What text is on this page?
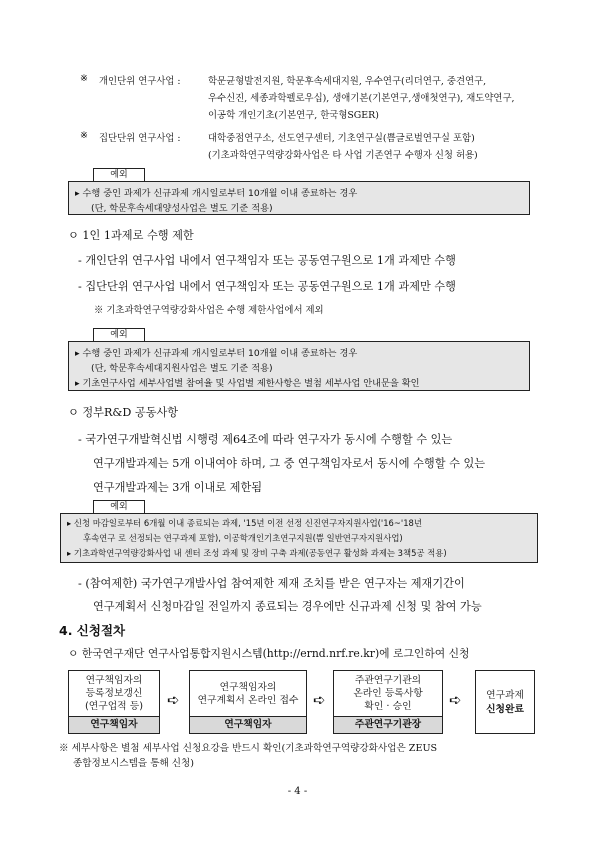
※ 개인단위 연구사업 :	학문균형발전지원, 학문후속세대지원, 우수연구(리더연구, 중견연구,
우수신진, 세종과학펠로우십), 생애기본(기본연구,생애첫연구), 재도약연구,
이공학 개인기초(기본연구, 한국형SGER)
※ 집단단위 연구사업 :	대학중점연구소, 선도연구센터, 기초연구실(쁨글로벌연구실 포함)
(기초과학연구역량강화사업은 타 사업 기존연구 수행자 신청 허용)
예외
▸ 수행 중인 과제가 신규과제 개시일로부터 10개월 이내 종료하는 경우
(단, 학문후속세대양성사업은 별도 기준 적용)
ㅇ 1인 1과제로 수행 제한
- 개인단위 연구사업 내에서 연구책임자 또는 공동연구원으로 1개 과제만 수행
- 집단단위 연구사업 내에서 연구책임자 또는 공동연구원으로 1개 과제만 수행
※ 기초과학연구역량강화사업은 수행 제한사업에서 제외
예외
▸ 수행 중인 과제가 신규과제 개시일로부터 10개월 이내 종료하는 경우
(단, 학문후속세대지원사업은 별도 기준 적용)
▸ 기초연구사업 세부사업별 참여율 및 사업별 제한사항은 별첨 세부사업 안내문을 확인
ㅇ 정부R&D 공동사항
- 국가연구개발혁신법 시행령 제64조에 따라 연구자가 동시에 수행할 수 있는
연구개발과제는 5개 이내여야 하며, 그 중 연구책임자로서 동시에 수행할 수 있는
연구개발과제는 3개 이내로 제한됨
예외
▸ 신청 마감일로부터 6개월 이내 종료되는 과제, '15년 이전 선정 신진연구자지원사업('16~'18년
후속연구 로 선정되는 연구과제 포함), 이공학개인기초연구지원(쁨 일반연구자지원사업)
▸ 기초과학연구역량강화사업 내 센터 조성 과제 및 장비 구축 과제(공동연구 활성화 과제는 3책5공 적용)
- (참여제한) 국가연구개발사업 참여제한 제재 조치를 받은 연구자는 제재기간이
연구계획서 신청마감일 전일까지 종료되는 경우에만 신규과제 신청 및 참여 가능
4. 신청절차
ㅇ 한국연구재단 연구사업통합지원시스템(http://ernd.nrf.re.kr)에 로그인하여 신청
연구책임자의
등록정보갱신
(연구업적 등)
연구책임자
➪
연구책임자의
연구계획서 온라인 접수
연구책임자
➪
주관연구기관의
온라인 등록사항
확인 · 승인
주관연구기관장
➪	연구과제
신청완료
※ 세부사항은 별첨 세부사업 신청요강을 반드시 확인(기초과학연구역량강화사업은 ZEUS
종합정보시스템을 통해 신청)
- 4 -
